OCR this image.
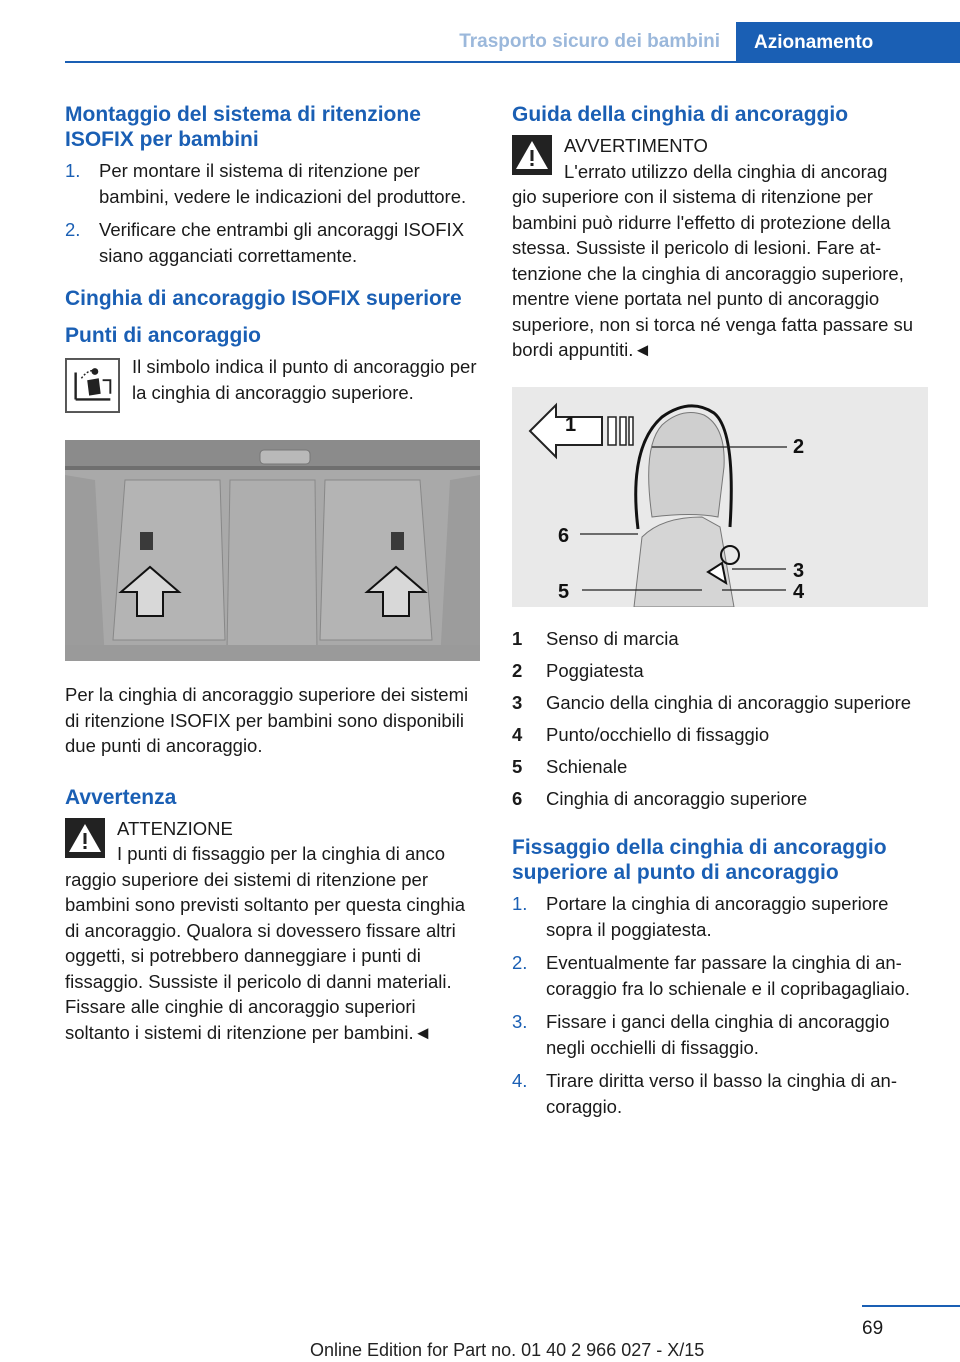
Trasporto sicuro dei bambini	Azionamento
Montaggio del sistema di ritenzione ISOFIX per bambini
1. Per montare il sistema di ritenzione per bambini, vedere le indicazioni del produttore.
2. Verificare che entrambi gli ancoraggi ISOFIX siano agganciati correttamente.
Cinghia di ancoraggio ISOFIX superiore
Punti di ancoraggio

Il simbolo indica il punto di ancoraggio per la cinghia di ancoraggio superiore.

Per la cinghia di ancoraggio superiore dei sistemi di ritenzione ISOFIX per bambini sono disponibili due punti di ancoraggio.

Avvertenza
ATTENZIONE
I punti di fissaggio per la cinghia di anco
raggio superiore dei sistemi di ritenzione per bambini sono previsti soltanto per questa cinghia di ancoraggio. Qualora si dovessero fissare altri oggetti, si potrebbero danneggiare i punti di fissaggio. Sussiste il pericolo di danni materiali. Fissare alle cinghie di ancoraggio superiori soltanto i sistemi di ritenzione per bambini.◄
Guida della cinghia di ancoraggio
AVVERTIMENTO
L'errato utilizzo della cinghia di ancorag
gio superiore con il sistema di ritenzione per bambini può ridurre l'effetto di protezione della stessa. Sussiste il pericolo di lesioni. Fare attenzione che la cinghia di ancoraggio superiore, mentre viene portata nel punto di ancoraggio superiore, non si torca né venga fatta passare su bordi appuntiti.◄
1
2
3
4
5
6
1 Senso di marcia
2 Poggiatesta
3 Gancio della cinghia di ancoraggio superiore
4 Punto/occhiello di fissaggio
5 Schienale
6 Cinghia di ancoraggio superiore
Fissaggio della cinghia di ancoraggio superiore al punto di ancoraggio
1. Portare la cinghia di ancoraggio superiore sopra il poggiatesta.
2. Eventualmente far passare la cinghia di ancoraggio fra lo schienale e il copribagagliaio.
3. Fissare i ganci della cinghia di ancoraggio negli occhielli di fissaggio.
4. Tirare diritta verso il basso la cinghia di ancoraggio.
69
Online Edition for Part no. 01 40 2 966 027 - X/15
